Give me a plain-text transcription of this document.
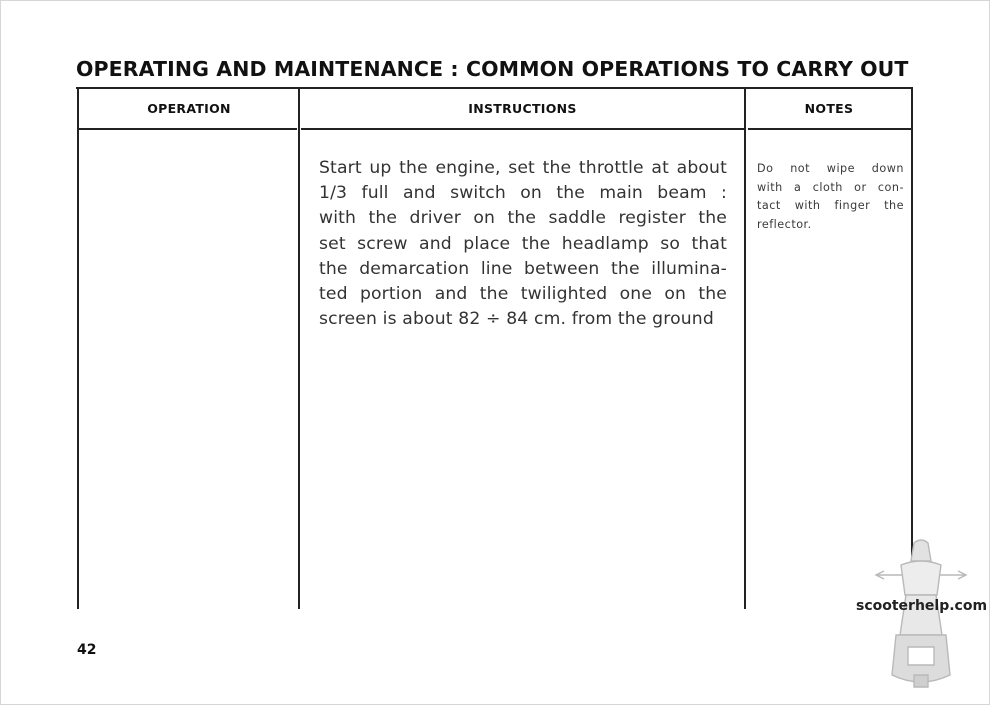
OPERATING AND MAINTENANCE : COMMON OPERATIONS TO CARRY OUT
OPERATION	INSTRUCTIONS	NOTES
Start up the engine, set the throttle at about
1/3 full and switch on the main beam :
with the driver on the saddle register the
set screw and place the headlamp so that
the demarcation line between the illumina-
ted portion and the twilighted one on the
screen is about 82 ÷ 84 cm. from the ground
Do not wipe down
with a cloth or con-
tact with finger the
reflector.
42
scooterhelp.com
